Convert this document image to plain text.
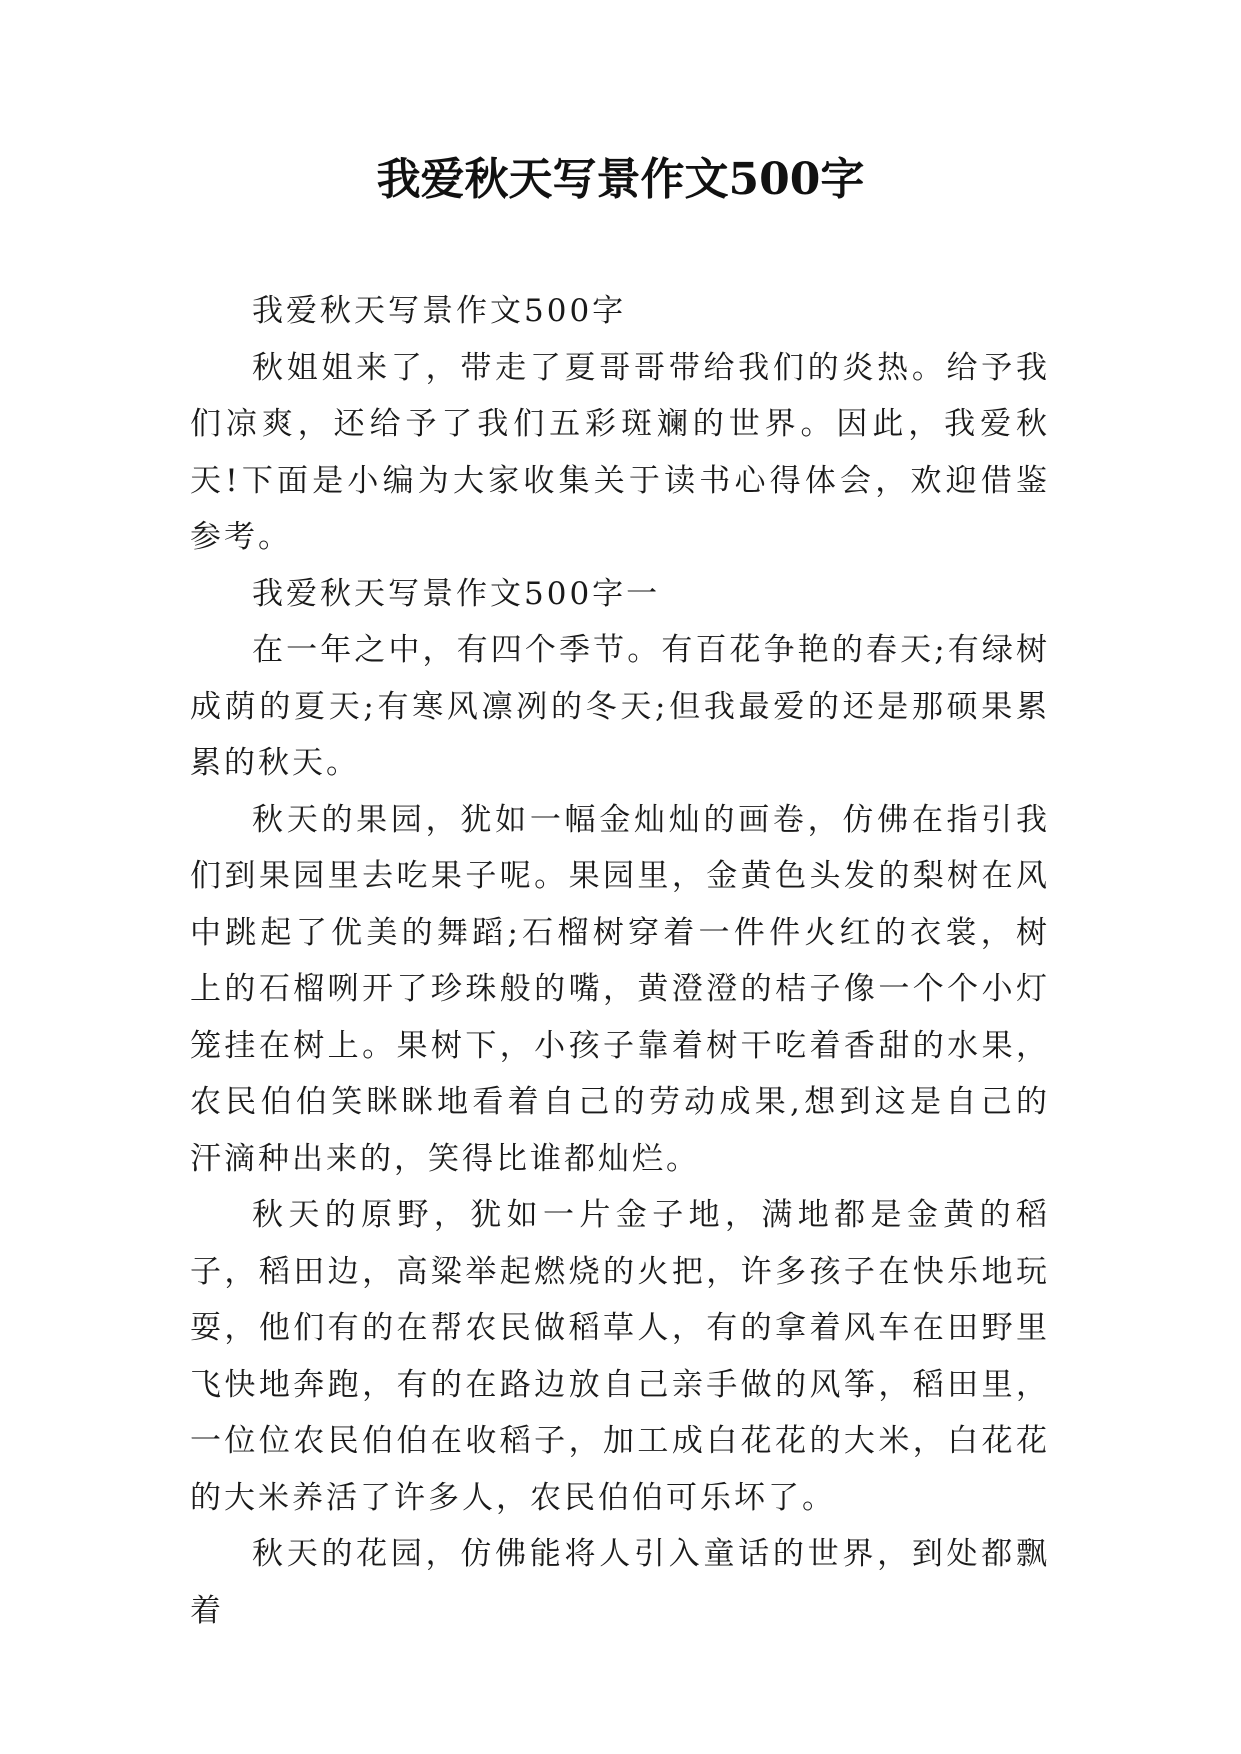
我爱秋天写景作文500字

我爱秋天写景作文500字

秋姐姐来了，带走了夏哥哥带给我们的炎热。给予我们凉爽，还给予了我们五彩斑斓的世界。因此，我爱秋天!下面是小编为大家收集关于读书心得体会，欢迎借鉴参考。

我爱秋天写景作文500字一

在一年之中，有四个季节。有百花争艳的春天;有绿树成荫的夏天;有寒风凛冽的冬天;但我最爱的还是那硕果累累的秋天。

秋天的果园，犹如一幅金灿灿的画卷，仿佛在指引我们到果园里去吃果子呢。果园里，金黄色头发的梨树在风中跳起了优美的舞蹈;石榴树穿着一件件火红的衣裳，树上的石榴咧开了珍珠般的嘴，黄澄澄的桔子像一个个小灯笼挂在树上。果树下，小孩子靠着树干吃着香甜的水果，农民伯伯笑眯眯地看着自己的劳动成果,想到这是自己的汗滴种出来的，笑得比谁都灿烂。

秋天的原野，犹如一片金子地，满地都是金黄的稻子，稻田边，高粱举起燃烧的火把，许多孩子在快乐地玩耍，他们有的在帮农民做稻草人，有的拿着风车在田野里飞快地奔跑，有的在路边放自己亲手做的风筝，稻田里，一位位农民伯伯在收稻子，加工成白花花的大米，白花花的大米养活了许多人，农民伯伯可乐坏了。

秋天的花园，仿佛能将人引入童话的世界，到处都飘着
